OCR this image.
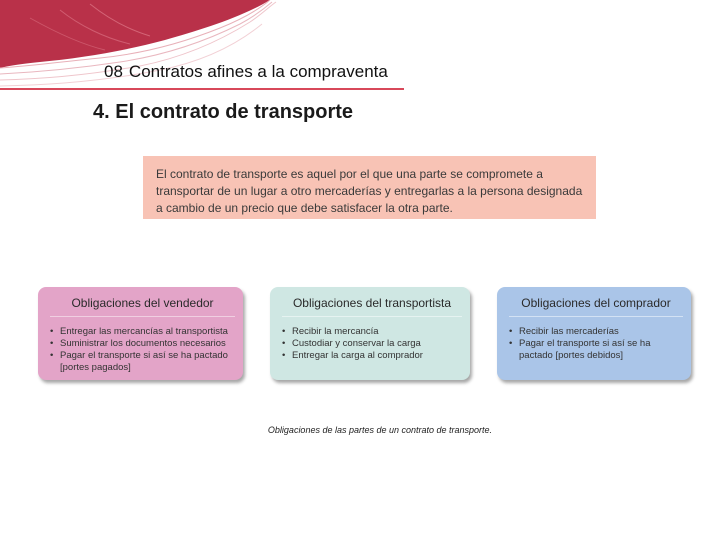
08 Contratos afines a la compraventa
4. El contrato de transporte
El contrato de transporte es aquel por el que una parte se compromete a transportar de un lugar a otro mercaderías y entregarlas a la persona designada a cambio de un precio que debe satisfacer la otra parte.
Obligaciones del vendedor
• Entregar las mercancías al transportista
• Suministrar los documentos necesarios
• Pagar el transporte si así se ha pactado [portes pagados]
Obligaciones del transportista
• Recibir la mercancía
• Custodiar y conservar la carga
• Entregar la carga al comprador
Obligaciones del comprador
• Recibir las mercaderías
• Pagar el transporte si así se ha pactado [portes debidos]
Obligaciones de las partes de un contrato de transporte.
